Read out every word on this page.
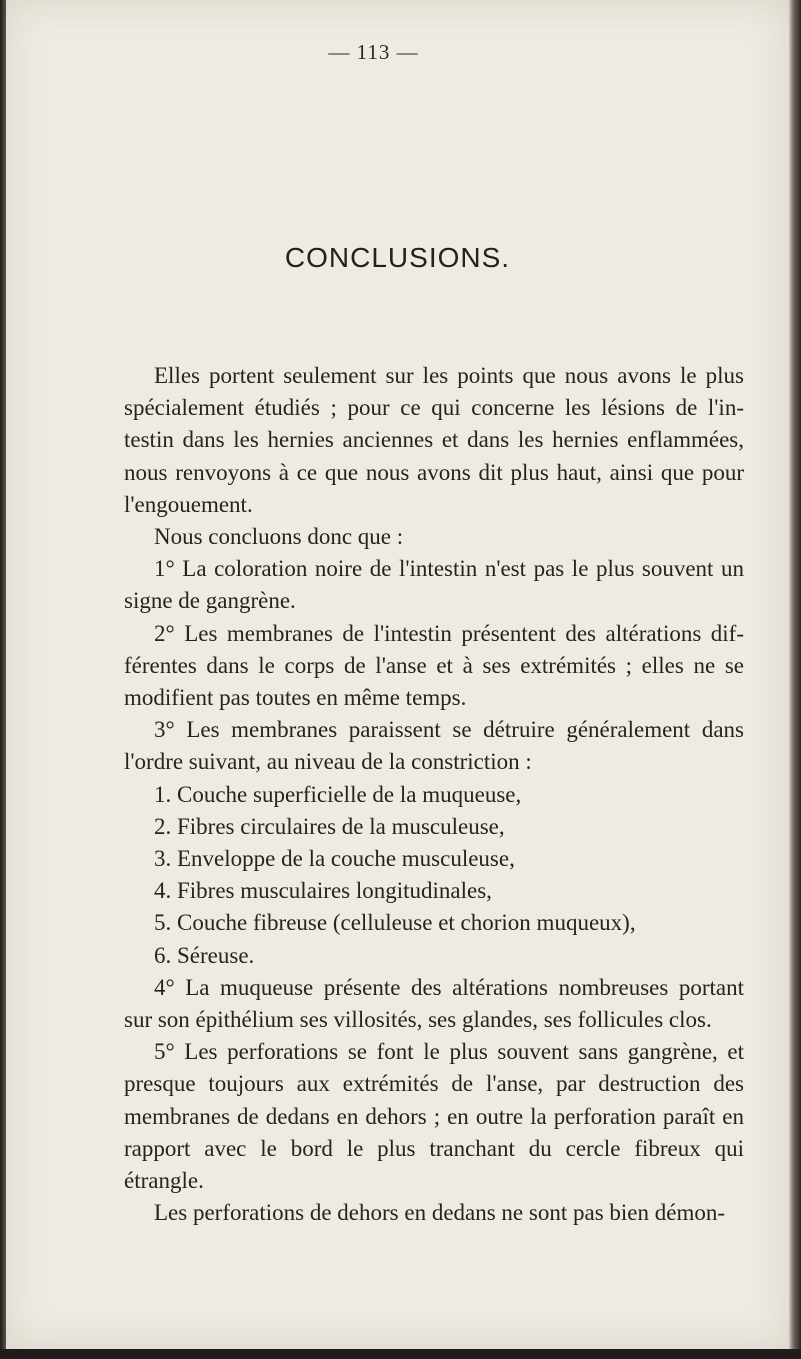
— 113 —
CONCLUSIONS.

Elles portent seulement sur les points que nous avons le plus spécialement étudiés ; pour ce qui concerne les lésions de l'in- testin dans les hernies anciennes et dans les hernies enflammées, nous renvoyons à ce que nous avons dit plus haut, ainsi que pour l'engouement.

Nous concluons donc que :

1° La coloration noire de l'intestin n'est pas le plus souvent un signe de gangrène.

2° Les membranes de l'intestin présentent des altérations dif- férentes dans le corps de l'anse et à ses extrémités ; elles ne se modifient pas toutes en même temps.

3° Les membranes paraissent se détruire généralement dans l'ordre suivant, au niveau de la constriction :

1. Couche superficielle de la muqueuse,

2. Fibres circulaires de la musculeuse,

3. Enveloppe de la couche musculeuse,

4. Fibres musculaires longitudinales,

5. Couche fibreuse (celluleuse et chorion muqueux),

6. Séreuse.

4° La muqueuse présente des altérations nombreuses portant sur son épithélium ses villosités, ses glandes, ses follicules clos.

5° Les perforations se font le plus souvent sans gangrène, et presque toujours aux extrémités de l'anse, par destruction des membranes de dedans en dehors ; en outre la perforation paraît en rapport avec le bord le plus tranchant du cercle fibreux qui étrangle.

Les perforations de dehors en dedans ne sont pas bien démon-
